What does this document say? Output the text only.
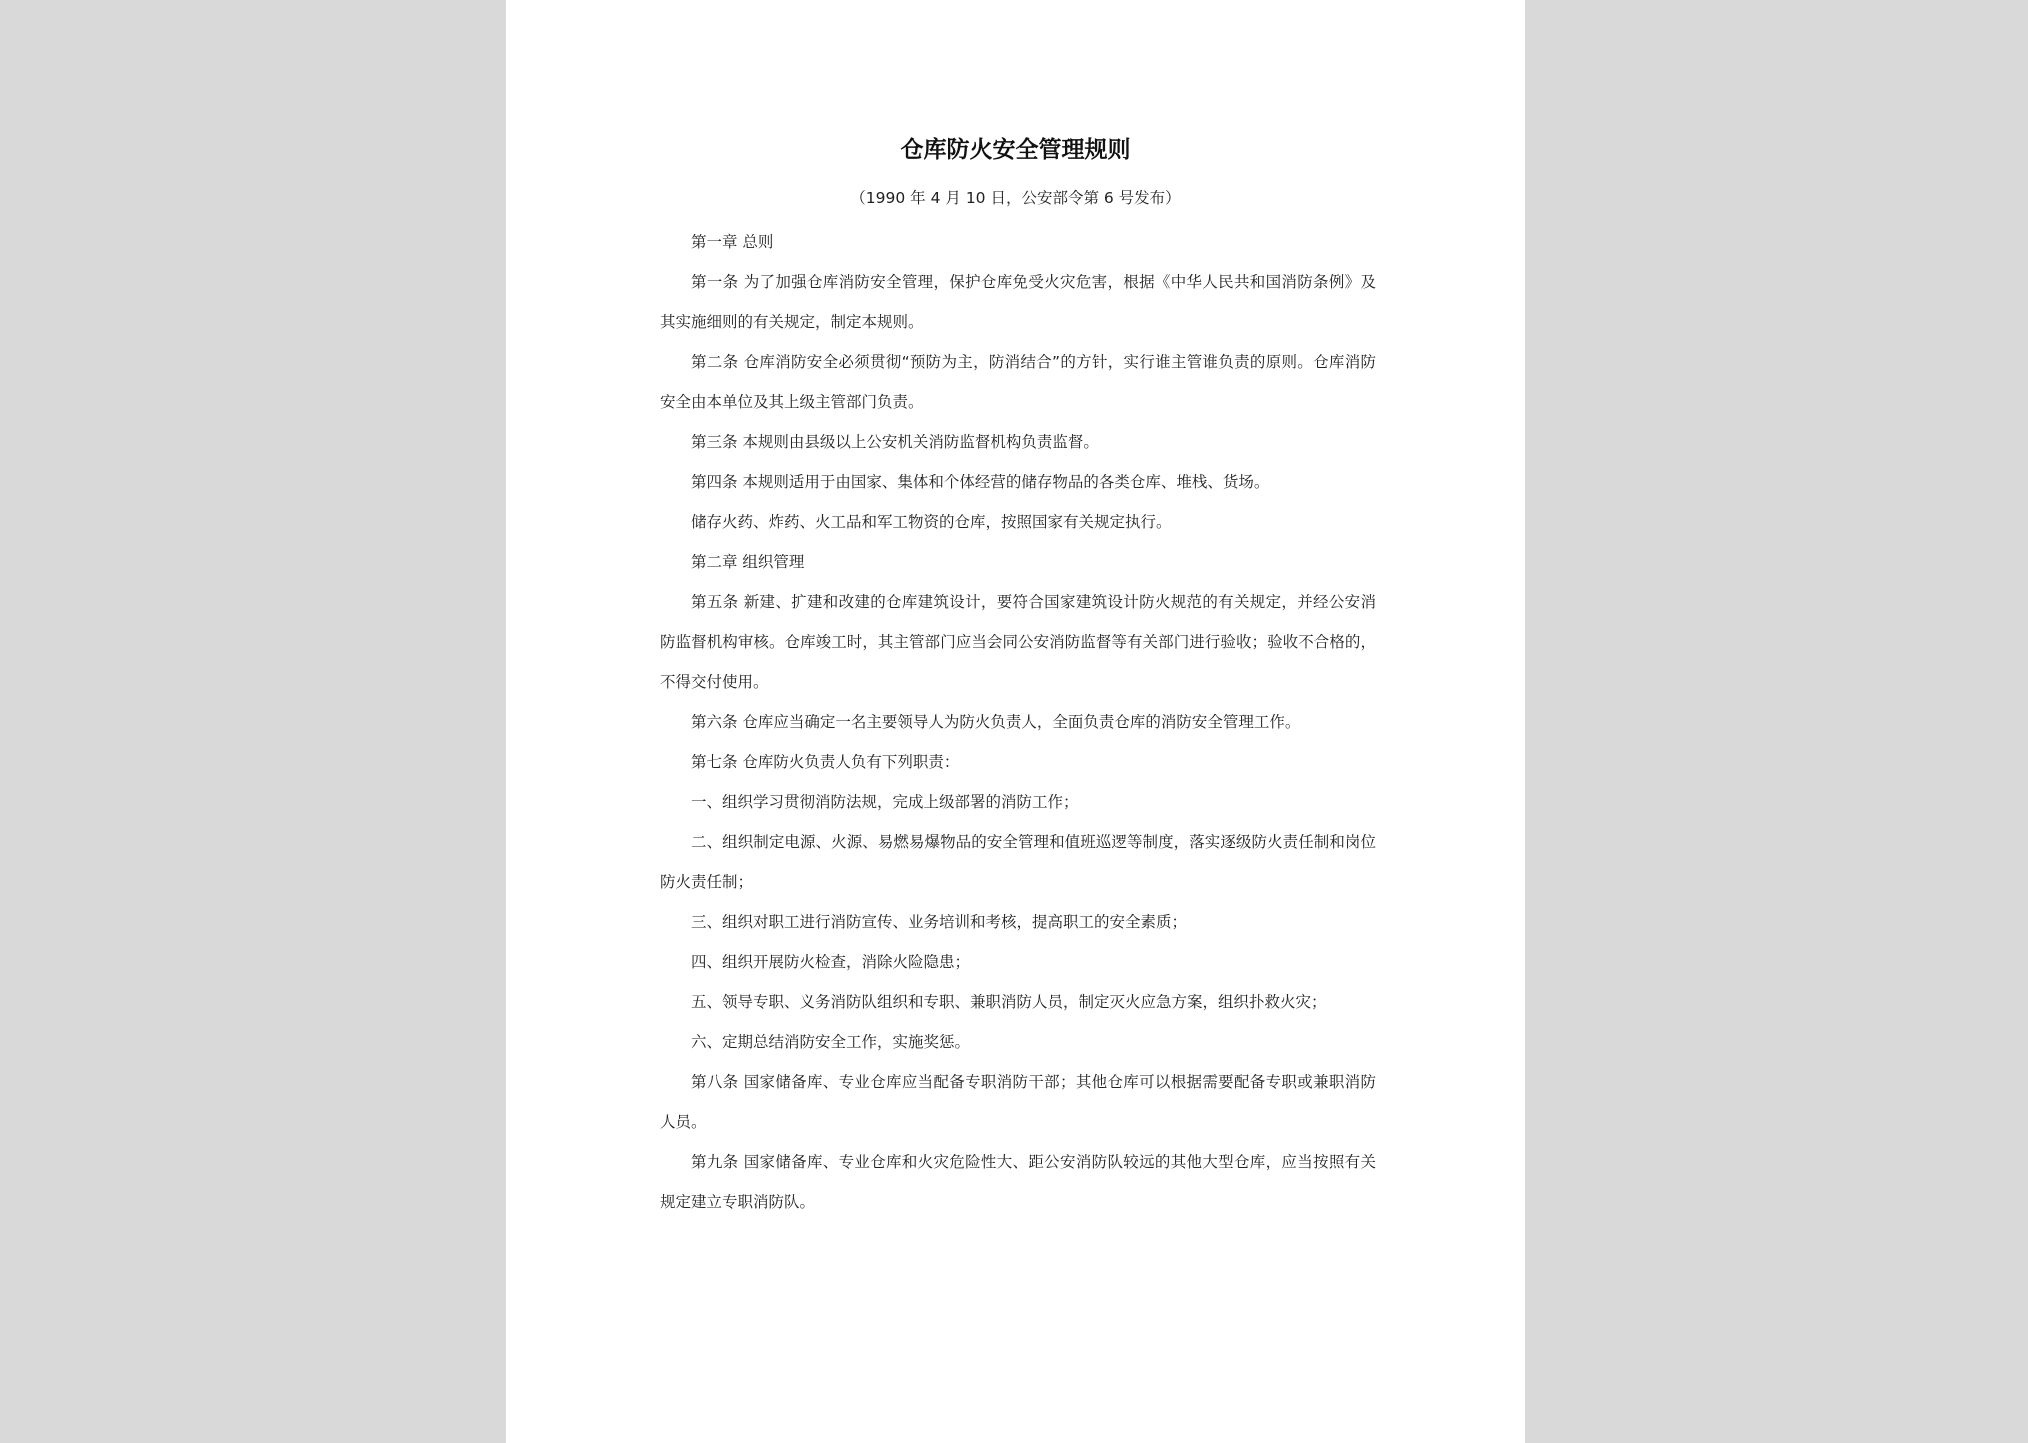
仓库防火安全管理规则

（1990 年 4 月 10 日，公安部令第 6 号发布）

第一章 总则

第一条 为了加强仓库消防安全管理，保护仓库免受火灾危害，根据《中华人民共和国消防条例》及其实施细则的有关规定，制定本规则。

第二条 仓库消防安全必须贯彻“预防为主，防消结合”的方针，实行谁主管谁负责的原则。仓库消防安全由本单位及其上级主管部门负责。

第三条 本规则由县级以上公安机关消防监督机构负责监督。

第四条 本规则适用于由国家、集体和个体经营的储存物品的各类仓库、堆栈、货场。

储存火药、炸药、火工品和军工物资的仓库，按照国家有关规定执行。

第二章 组织管理

第五条 新建、扩建和改建的仓库建筑设计，要符合国家建筑设计防火规范的有关规定，并经公安消防监督机构审核。仓库竣工时，其主管部门应当会同公安消防监督等有关部门进行验收；验收不合格的，不得交付使用。

第六条 仓库应当确定一名主要领导人为防火负责人，全面负责仓库的消防安全管理工作。

第七条 仓库防火负责人负有下列职责：

一、组织学习贯彻消防法规，完成上级部署的消防工作；

二、组织制定电源、火源、易燃易爆物品的安全管理和值班巡逻等制度，落实逐级防火责任制和岗位防火责任制；

三、组织对职工进行消防宣传、业务培训和考核，提高职工的安全素质；

四、组织开展防火检查，消除火险隐患；

五、领导专职、义务消防队组织和专职、兼职消防人员，制定灭火应急方案，组织扑救火灾；

六、定期总结消防安全工作，实施奖惩。

第八条 国家储备库、专业仓库应当配备专职消防干部；其他仓库可以根据需要配备专职或兼职消防人员。

第九条 国家储备库、专业仓库和火灾危险性大、距公安消防队较远的其他大型仓库，应当按照有关规定建立专职消防队。
